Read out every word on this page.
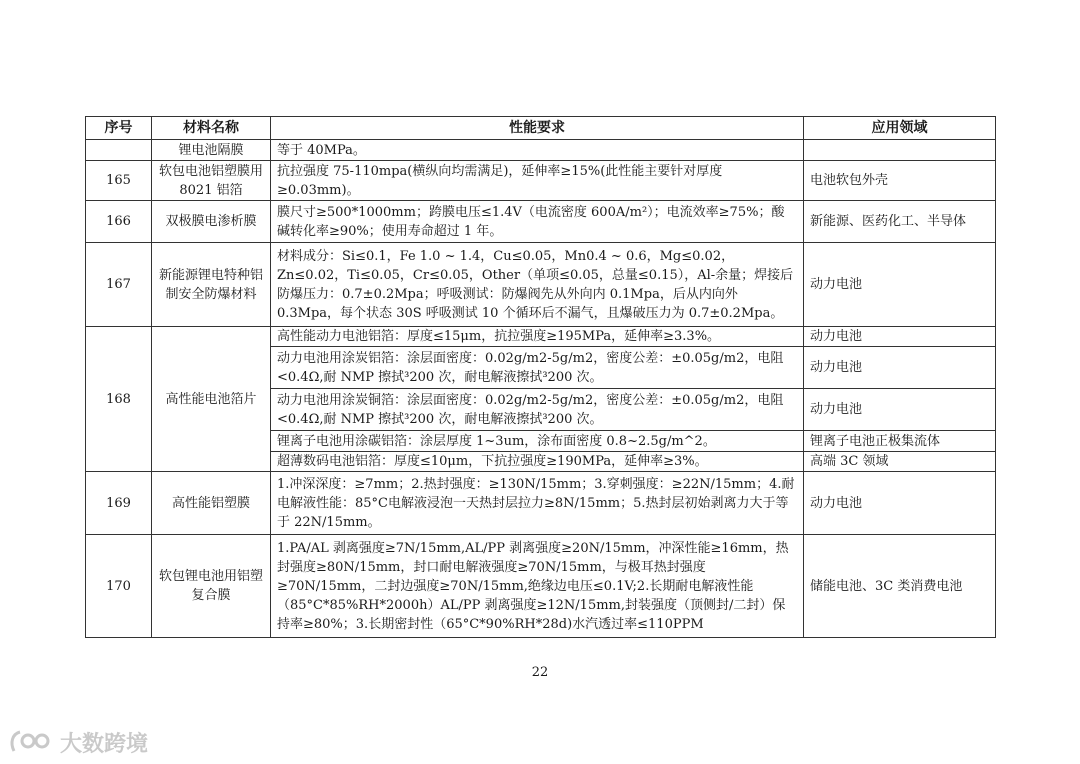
序号	材料名称	性能要求	应用领域
	锂电池隔膜	等于 40MPa。	
165	软包电池铝塑膜用 8021 铝箔	抗拉强度 75-110mpa(横纵向均需满足)，延伸率≥15%(此性能主要针对厚度≥0.03mm)。	电池软包外壳
166	双极膜电渗析膜	膜尺寸≥500*1000mm；跨膜电压≤1.4V（电流密度 600A/m²）；电流效率≥75%；酸碱转化率≥90%；使用寿命超过 1 年。	新能源、医药化工、半导体
167	新能源锂电特种铝制安全防爆材料	材料成分：Si≤0.1，Fe 1.0 ~ 1.4，Cu≤0.05，Mn0.4 ~ 0.6，Mg≤0.02，Zn≤0.02，Ti≤0.05，Cr≤0.05，Other（单项≤0.05，总量≤0.15），Al-余量；焊接后防爆压力：0.7±0.2Mpa；呼吸测试：防爆阀先从外向内 0.1Mpa，后从内向外 0.3Mpa，每个状态 30S 呼吸测试 10 个循环后不漏气，且爆破压力为 0.7±0.2Mpa。	动力电池
168	高性能电池箔片	高性能动力电池铝箔：厚度≤15μm，抗拉强度≥195MPa，延伸率≥3.3%。	动力电池
		动力电池用涂炭铝箔：涂层面密度：0.02g/m2-5g/m2，密度公差：±0.05g/m2，电阻<0.4Ω,耐 NMP 擦拭³200 次，耐电解液擦拭³200 次。	动力电池
		动力电池用涂炭铜箔：涂层面密度：0.02g/m2-5g/m2，密度公差：±0.05g/m2，电阻<0.4Ω,耐 NMP 擦拭³200 次，耐电解液擦拭³200 次。	动力电池
		锂离子电池用涂碳铝箔：涂层厚度 1~3um，涂布面密度 0.8~2.5g/m^2。	锂离子电池正极集流体
		超薄数码电池铝箔：厚度≤10μm，下抗拉强度≥190MPa，延伸率≥3%。	高端 3C 领域
169	高性能铝塑膜	1.冲深深度：≥7mm；2.热封强度：≥130N/15mm；3.穿刺强度：≥22N/15mm；4.耐电解液性能：85°C电解液浸泡一天热封层拉力≥8N/15mm；5.热封层初始剥离力大于等于 22N/15mm。	动力电池
170	软包锂电池用铝塑复合膜	1.PA/AL 剥离强度≥7N/15mm,AL/PP 剥离强度≥20N/15mm，冲深性能≥16mm，热封强度≥80N/15mm，封口耐电解液强度≥70N/15mm，与极耳热封强度≥70N/15mm，二封边强度≥70N/15mm,绝缘边电压≤0.1V;2.长期耐电解液性能（85°C*85%RH*2000h）AL/PP 剥离强度≥12N/15mm,封装强度（顶侧封/二封）保持率≥80%；3.长期密封性（65°C*90%RH*28d)水汽透过率≤110PPM	储能电池、3C 类消费电池
22
大数跨境
